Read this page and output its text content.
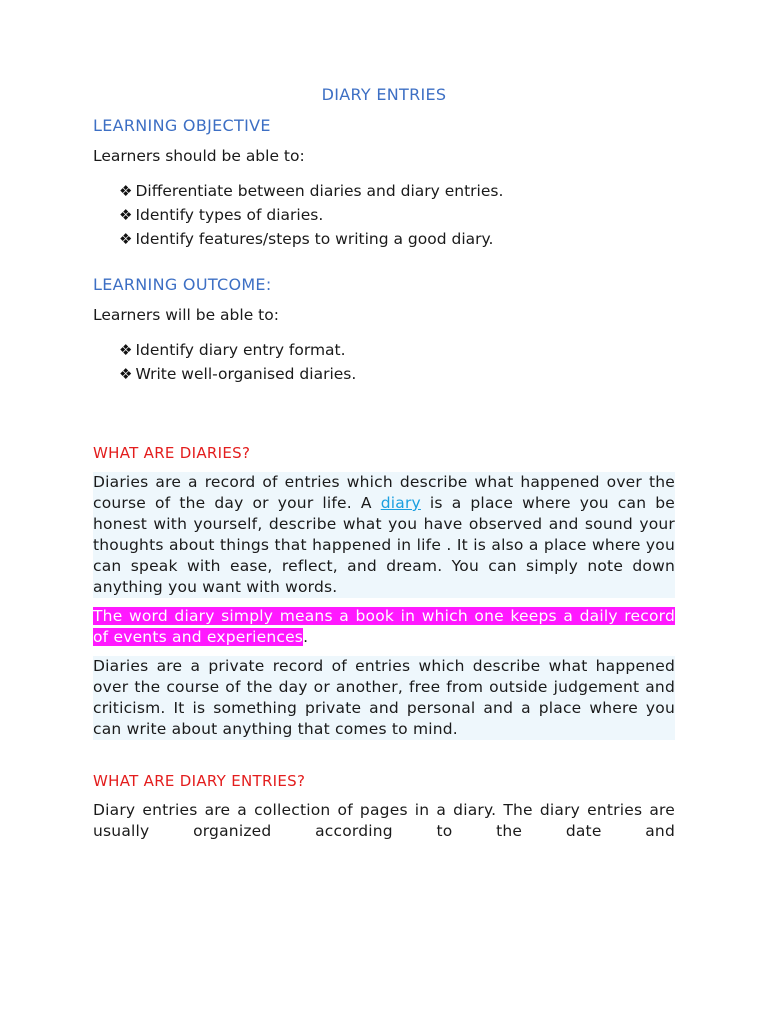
DIARY ENTRIES
LEARNING OBJECTIVE
Learners should be able to:
❖ Differentiate between diaries and diary entries.
❖ Identify types of diaries.
❖ Identify features/steps to writing a good diary.
LEARNING OUTCOME:
Learners will be able to:
❖ Identify diary entry format.
❖ Write well-organised diaries.
WHAT ARE DIARIES?

Diaries are a record of entries which describe what happened over the course of the day or your life. A diary is a place where you can be honest with yourself, describe what you have observed and sound your thoughts about things that happened in life . It is also a place where you can speak with ease, reflect, and dream. You can simply note down anything you want with words.

The word diary simply means a book in which one keeps a daily record of events and experiences.

Diaries are a private record of entries which describe what happened over the course of the day or another, free from outside judgement and criticism. It is something private and personal and a place where you can write about anything that comes to mind.

WHAT ARE DIARY ENTRIES?

Diary entries are a collection of pages in a diary. The diary entries are usually organized according to the date and
